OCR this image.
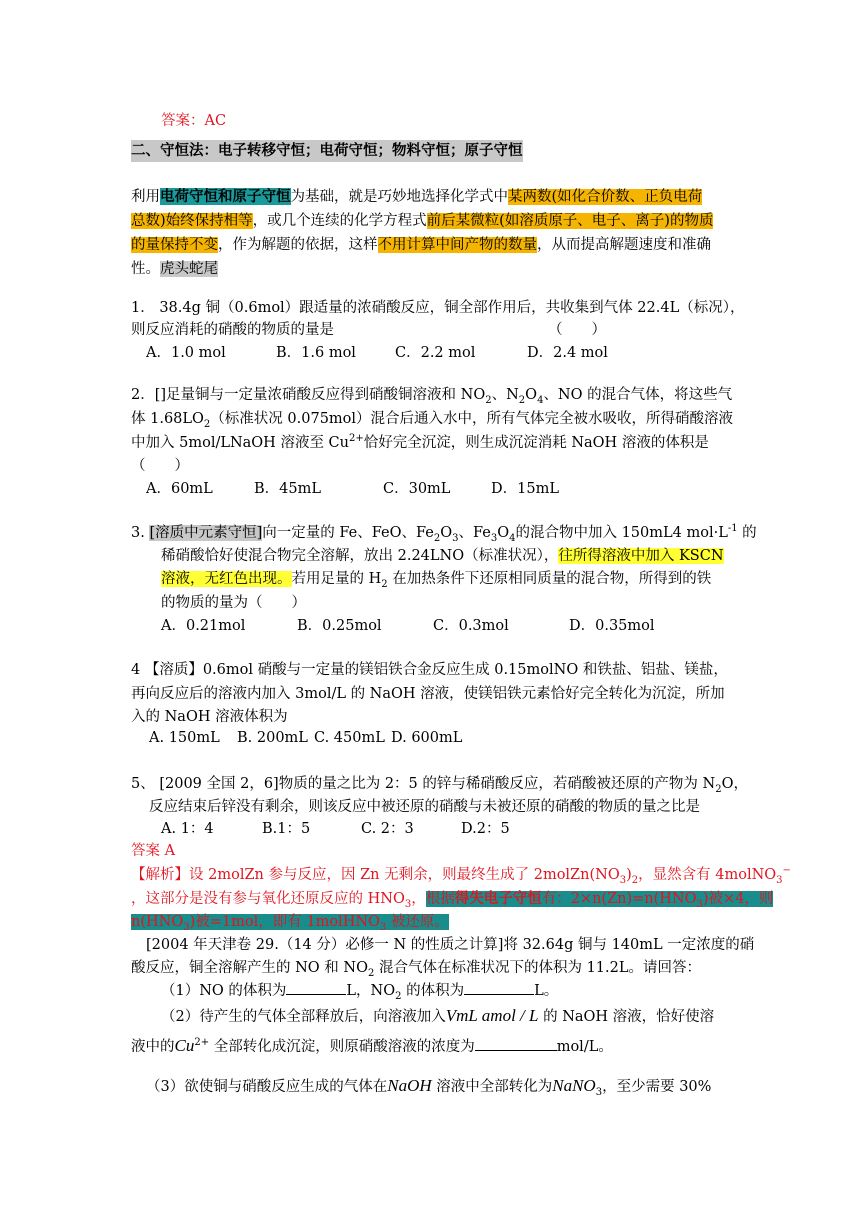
答案：AC
二、守恒法：电子转移守恒；电荷守恒；物料守恒；原子守恒
利用电荷守恒和原子守恒为基础，就是巧妙地选择化学式中某两数(如化合价数、正负电荷
总数)始终保持相等，或几个连续的化学方程式前后某微粒(如溶质原子、电子、离子)的物质
的量保持不变，作为解题的依据，这样不用计算中间产物的数量，从而提高解题速度和准确
性。虎头蛇尾
1． 38.4g 铜（0.6mol）跟适量的浓硝酸反应，铜全部作用后，共收集到气体 22.4L（标况），
则反应消耗的硝酸的物质的量是	（　　）
A．1.0 mol	B．1.6 mol	C．2.2 mol	D．2.4 mol
2．[]足量铜与一定量浓硝酸反应得到硝酸铜溶液和 $NO_2$、$N_2O_4$、NO 的混合气体，将这些气
体 $1.68LO_2$（标准状况 0.075mol）混合后通入水中，所有气体完全被水吸收，所得硝酸溶液
中加入 5mol/LNaOH 溶液至 $Cu^{2+}$恰好完全沉淀，则生成沉淀消耗 NaOH 溶液的体积是
（　　）
A．60mL	B．45mL	C．30mL	D．15mL
3. [溶质中元素守恒]向一定量的 Fe、FeO、$Fe_2O_3$、$Fe_3O_4$的混合物中加入 150mL4 $mol\cdot L^{-1}$ 的
稀硝酸恰好使混合物完全溶解，放出 2.24LNO（标准状况），往所得溶液中加入 KSCN
溶液，无红色出现。若用足量的 $H_2$ 在加热条件下还原相同质量的混合物，所得到的铁
的物质的量为（　　）
A．0.21mol	B．0.25mol	C．0.3mol	D．0.35mol
4 【溶质】0.6mol 硝酸与一定量的镁铝铁合金反应生成 0.15molNO 和铁盐、铝盐、镁盐，
再向反应后的溶液内加入 3mol/L 的 NaOH 溶液，使镁铝铁元素恰好完全转化为沉淀，所加
入的 NaOH 溶液体积为
A. 150mL B. 200mL C. 450mL D. 600mL
5、 [2009 全国 2，6]物质的量之比为 2：5 的锌与稀硝酸反应，若硝酸被还原的产物为 $N_2O$，
反应结束后锌没有剩余，则该反应中被还原的硝酸与未被还原的硝酸的物质的量之比是
A. 1：4	B.1：5	C. 2：3	D.2：5
答案 A
【解析】设 2molZn 参与反应，因 Zn 无剩余，则最终生成了 $2molZn(NO_3)_2$，显然含有 4molNO$_3$−
，这部分是没有参与氧化还原反应的 $HNO_3$，根据得失电子守恒有：$2\times n(Zn)=n(HNO_3)$被×4，则
$n(HNO_3)$被=1mol，即有 1molHNO$_3$ 被还原。
[2004 年天津卷 29.（14 分）必修一 N 的性质之计算]将 32.64g 铜与 140mL 一定浓度的硝
酸反应，铜全溶解产生的 NO 和 $NO_2$ 混合气体在标准状况下的体积为 11.2L。请回答：
（1）NO 的体积为	L，$NO_2$ 的体积为	L。
（2）待产生的气体全部释放后，向溶液加入VmL amol / L 的 NaOH 溶液，恰好使溶
液中的$Cu^{2+}$ 全部转化成沉淀，则原硝酸溶液的浓度为	mol/L。
（3）欲使铜与硝酸反应生成的气体在NaOH 溶液中全部转化为NaNO$_3$，至少需要 30%
